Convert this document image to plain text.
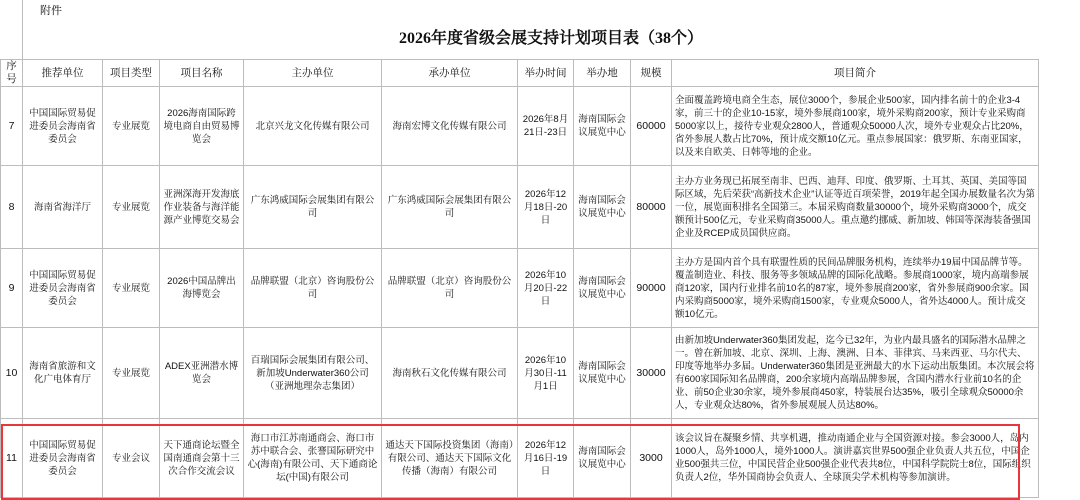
附件
2026年度省级会展支持计划项目表（38个）
序号	推荐单位	项目类型	项目名称	主办单位	承办单位	举办时间	举办地	规模	项目简介
7	中国国际贸易促进委员会海南省委员会	专业展览	2026海南国际跨境电商自由贸易博览会	北京兴龙文化传媒有限公司	海南宏博文化传媒有限公司	2026年8月21日-23日	海南国际会议展览中心	60000	全面覆盖跨境电商全生态，展位3000个，参展企业500家，国内排名前十的企业3-4家，前三十的企业10-15家，境外参展商100家，境外采购商200家，预计专业采购商5000家以上，接待专业观众2800人，普通观众50000人次，境外专业观众占比20%，省外参展人数占比70%，预计成交额10亿元。重点参展国家：俄罗斯、东南亚国家，以及来自欧美、日韩等地的企业。
8	海南省海洋厅	专业展览	亚洲深海开发海底作业装备与海洋能源产业博览交易会	广东鸿威国际会展集团有限公司	广东鸿威国际会展集团有限公司	2026年12月18日-20日	海南国际会议展览中心	80000	主办方业务现已拓展至南非、巴西、迪拜、印度、俄罗斯、土耳其、英国、美国等国际区域，先后荣获“高新技术企业”认证等近百项荣誉，2019年起全国办展数量名次为第一位，展览面积排名全国第三。本届采购商数量30000个，境外采购商3000个，成交额预计500亿元，专业采购商35000人。重点邀约挪威、新加坡、韩国等深海装备强国企业及RCEP成员国供应商。
9	中国国际贸易促进委员会海南省委员会	专业展览	2026中国品牌出海博览会	品牌联盟（北京）咨询股份公司	品牌联盟（北京）咨询股份公司	2026年10月20日-22日	海南国际会议展览中心	90000	主办方是国内首个具有联盟性质的民间品牌服务机构，连续举办19届中国品牌节等。覆盖制造业、科技、服务等多领域品牌的国际化战略。参展商1000家，境内高端参展商120家，国内行业排名前10名的87家，境外参展商200家，省外参展商900余家。国内采购商5000家，境外采购商1500家，专业观众5000人，省外达4000人。预计成交额10亿元。
10	海南省旅游和文化广电体育厅	专业展览	ADEX亚洲潜水博览会	百瑞国际会展集团有限公司、新加坡Underwater360公司（亚洲地理杂志集团）	海南秋石文化传媒有限公司	2026年10月30日-11月1日	海南国际会议展览中心	30000	由新加坡Underwater360集团发起，迄今已32年，为业内最具盛名的国际潜水品牌之一。曾在新加坡、北京、深圳、上海、澳洲、日本、菲律宾、马来西亚、马尔代夫、印度等地举办多届。Underwater360集团是亚洲最大的水下运动出版集团。本次展会将有600家国际知名品牌商，200余家境内高端品牌参展，含国内潜水行业前10名的企业、前50企业30余家，境外参展商450家，特装展台达35%，吸引全球观众50000余人，专业观众达80%，省外参展观展人员达80%。
11	中国国际贸易促进委员会海南省委员会	专业会议	天下通商论坛暨全国南通商会第十三次合作交流会议	海口市江苏南通商会、海口市苏中联合会、张謇国际研究中心(海南)有限公司、天下通商论坛(中国)有限公司	通达天下国际投资集团（海南）有限公司、通达天下国际文化传播（海南）有限公司	2026年12月16日-19日	海南国际会议展览中心	3000	该会议旨在凝聚乡情、共享机遇，推动南通企业与全国资源对接。参会3000人，岛内1000人，岛外1000人，境外1000人。演讲嘉宾世界500强企业负责人共五位，中国企业500强共三位，中国民营企业500强企业代表共8位，中国科学院院士8位，国际组织负责人2位，华外国商协会负责人、全球顶尖学术机构等参加演讲。
